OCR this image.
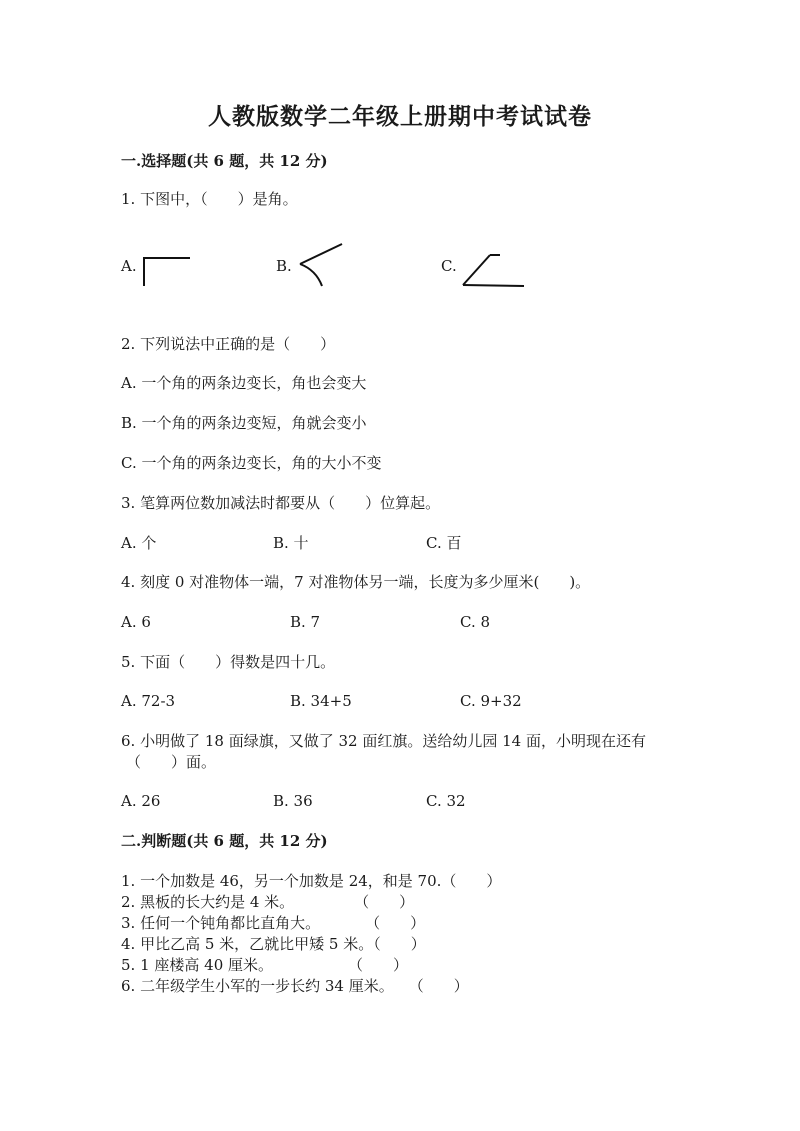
人教版数学二年级上册期中考试试卷
一.选择题(共 6 题，共 12 分)
1. 下图中，（　　）是角。
A.	B.	C.
2. 下列说法中正确的是（　　）
A. 一个角的两条边变长，角也会变大
B. 一个角的两条边变短，角就会变小
C. 一个角的两条边变长，角的大小不变
3. 笔算两位数加减法时都要从（　　）位算起。
A. 个	B. 十	C. 百
4. 刻度 0 对准物体一端，7 对准物体另一端，长度为多少厘米(　　)。
A. 6	B. 7	C. 8
5. 下面（　　）得数是四十几。
A. 72-3	B. 34+5	C. 9+32
6. 小明做了 18 面绿旗，又做了 32 面红旗。送给幼儿园 14 面，小明现在还有
（　　）面。
A. 26	B. 36	C. 32
二.判断题(共 6 题，共 12 分)
1. 一个加数是 46，另一个加数是 24，和是 70.（　　）
2. 黑板的长大约是 4 米。　　　　　（　　）
3. 任何一个钝角都比直角大。　　　　（　　）
4. 甲比乙高 5 米，乙就比甲矮 5 米。（　　）
5. 1 座楼高 40 厘米。　　　　　　（　　）
6. 二年级学生小军的一步长约 34 厘米。　　（　　）
